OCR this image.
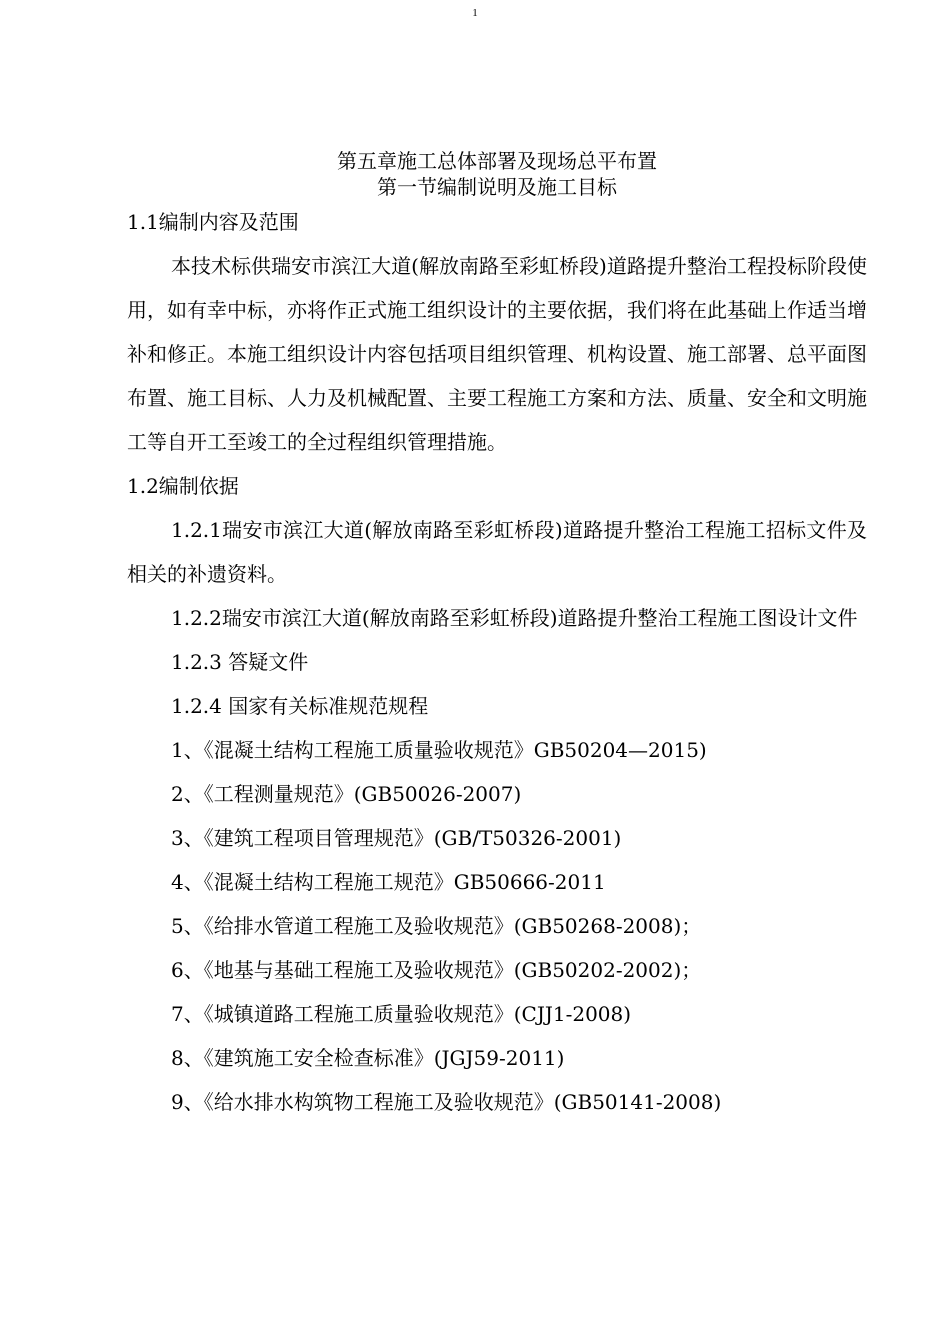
1
第五章施工总体部署及现场总平布置
第一节编制说明及施工目标

1.1编制内容及范围

本技术标供瑞安市滨江大道(解放南路至彩虹桥段)道路提升整治工程投标阶段使用，如有幸中标，亦将作正式施工组织设计的主要依据，我们将在此基础上作适当增补和修正。本施工组织设计内容包括项目组织管理、机构设置、施工部署、总平面图布置、施工目标、人力及机械配置、主要工程施工方案和方法、质量、安全和文明施工等自开工至竣工的全过程组织管理措施。

1.2编制依据

1.2.1瑞安市滨江大道(解放南路至彩虹桥段)道路提升整治工程施工招标文件及相关的补遗资料。

1.2.2瑞安市滨江大道(解放南路至彩虹桥段)道路提升整治工程施工图设计文件

1.2.3 答疑文件

1.2.4 国家有关标准规范规程

1、《混凝土结构工程施工质量验收规范》GB50204—2015)

2、《工程测量规范》(GB50026-2007)

3、《建筑工程项目管理规范》(GB/T50326-2001)

4、《混凝土结构工程施工规范》GB50666-2011

5、《给排水管道工程施工及验收规范》(GB50268-2008)；

6、《地基与基础工程施工及验收规范》(GB50202-2002)；

7、《城镇道路工程施工质量验收规范》(CJJ1-2008)

8、《建筑施工安全检查标准》(JGJ59-2011)

9、《给水排水构筑物工程施工及验收规范》(GB50141-2008)
